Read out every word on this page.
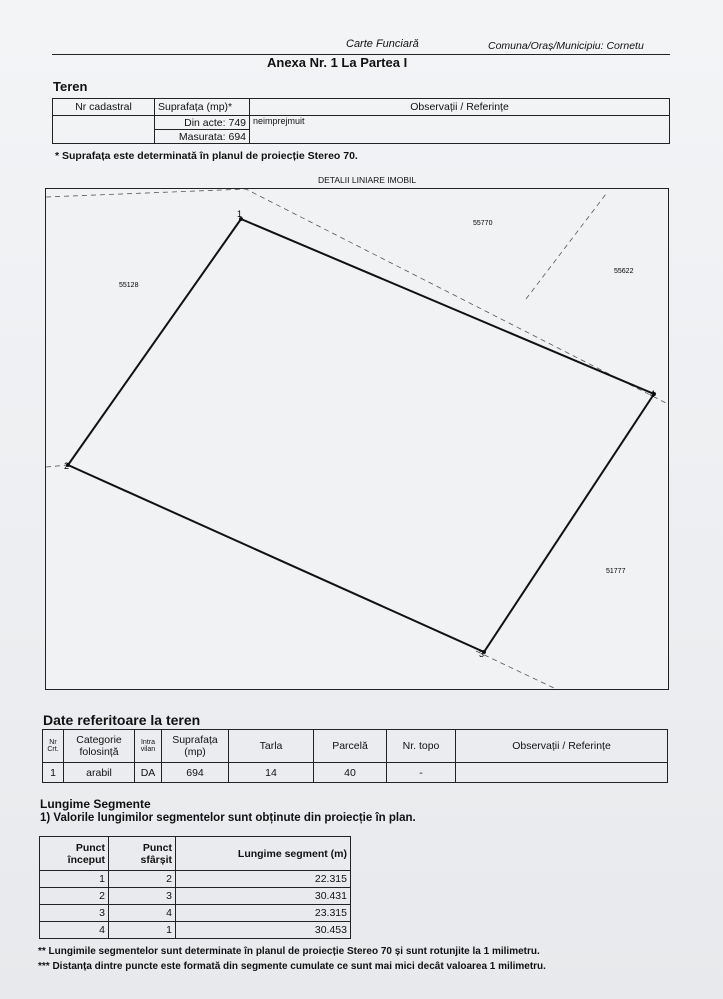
Carte Funciară	Comuna/Oraș/Municipiu: Cornetu
Anexa Nr. 1 La Partea I
Teren
Nr cadastral	Suprafața (mp)*	Observații / Referințe
	Din acte: 749	neimprejmuit
	Masurata: 694	
* Suprafața este determinată în planul de proiecție Stereo 70.
DETALII LINIARE IMOBIL
1
2
3
4
55770
55128
55622
51777
Date referitoare la teren
Nr Crt.	Categorie folosință	Intra vilan	Suprafața (mp)	Tarla	Parcelă	Nr. topo	Observații / Referințe
1	arabil	DA	694	14	40	-	
Lungime Segmente
1) Valorile lungimilor segmentelor sunt obținute din proiecție în plan.
Punct început	Punct sfârșit	Lungime segment (m)
1	2	22.315
2	3	30.431
3	4	23.315
4	1	30.453
** Lungimile segmentelor sunt determinate în planul de proiecție Stereo 70 și sunt rotunjite la 1 milimetru.
*** Distanța dintre puncte este formată din segmente cumulate ce sunt mai mici decât valoarea 1 milimetru.
